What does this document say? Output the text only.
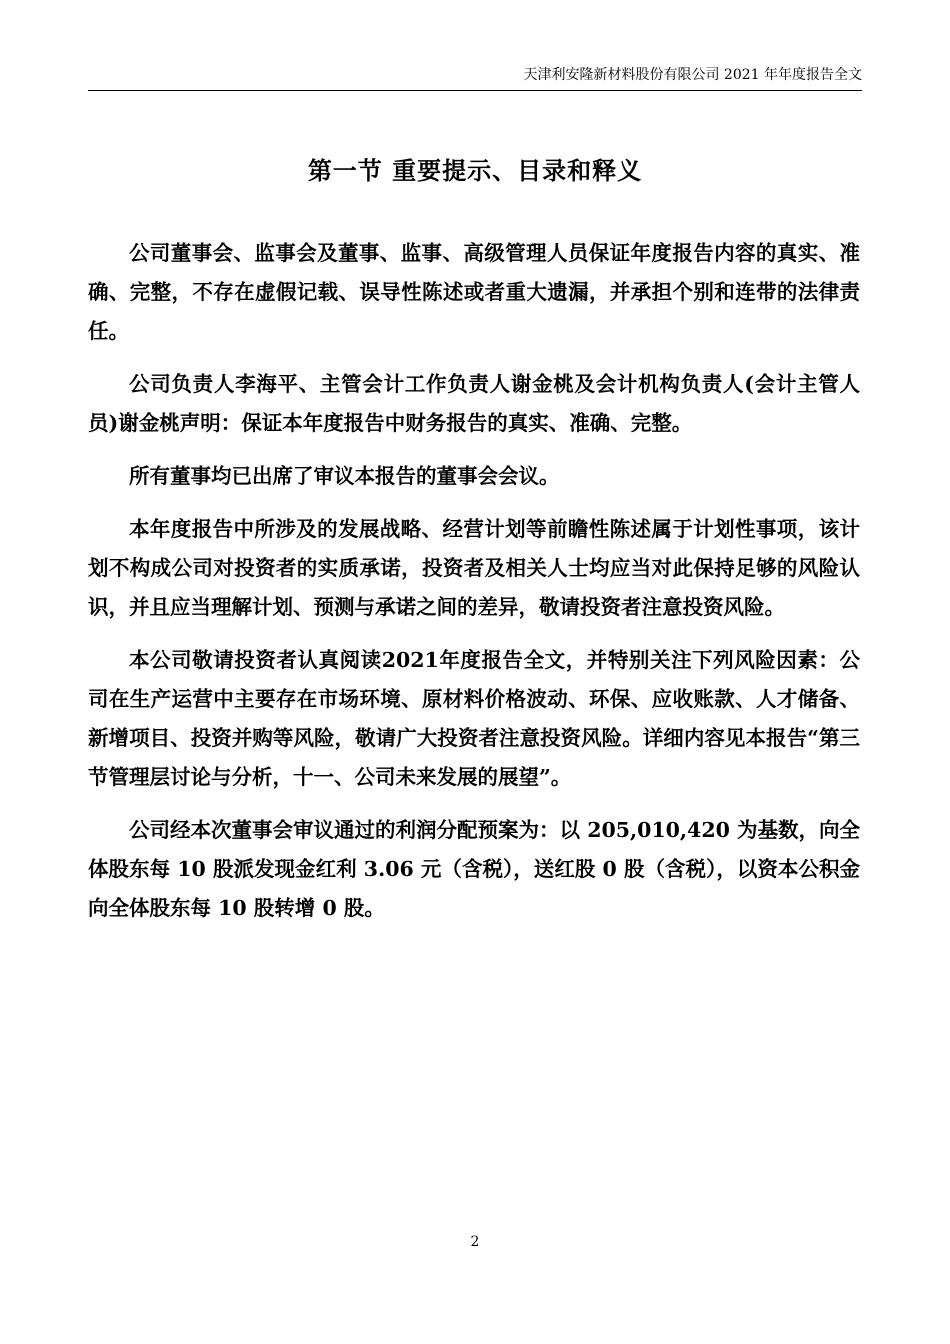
天津利安隆新材料股份有限公司 2021 年年度报告全文
第一节 重要提示、目录和释义

公司董事会、监事会及董事、监事、高级管理人员保证年度报告内容的真实、准确、完整，不存在虚假记载、误导性陈述或者重大遗漏，并承担个别和连带的法律责任。

公司负责人李海平、主管会计工作负责人谢金桃及会计机构负责人(会计主管人员)谢金桃声明：保证本年度报告中财务报告的真实、准确、完整。

所有董事均已出席了审议本报告的董事会会议。

本年度报告中所涉及的发展战略、经营计划等前瞻性陈述属于计划性事项，该计划不构成公司对投资者的实质承诺，投资者及相关人士均应当对此保持足够的风险认识，并且应当理解计划、预测与承诺之间的差异，敬请投资者注意投资风险。

本公司敬请投资者认真阅读2021年度报告全文，并特别关注下列风险因素：公司在生产运营中主要存在市场环境、原材料价格波动、环保、应收账款、人才储备、新增项目、投资并购等风险，敬请广大投资者注意投资风险。详细内容见本报告“第三节管理层讨论与分析，十一、公司未来发展的展望”。

公司经本次董事会审议通过的利润分配预案为：以 205,010,420 为基数，向全体股东每 10 股派发现金红利 3.06 元（含税），送红股 0 股（含税），以资本公积金向全体股东每 10 股转增 0 股。

2
